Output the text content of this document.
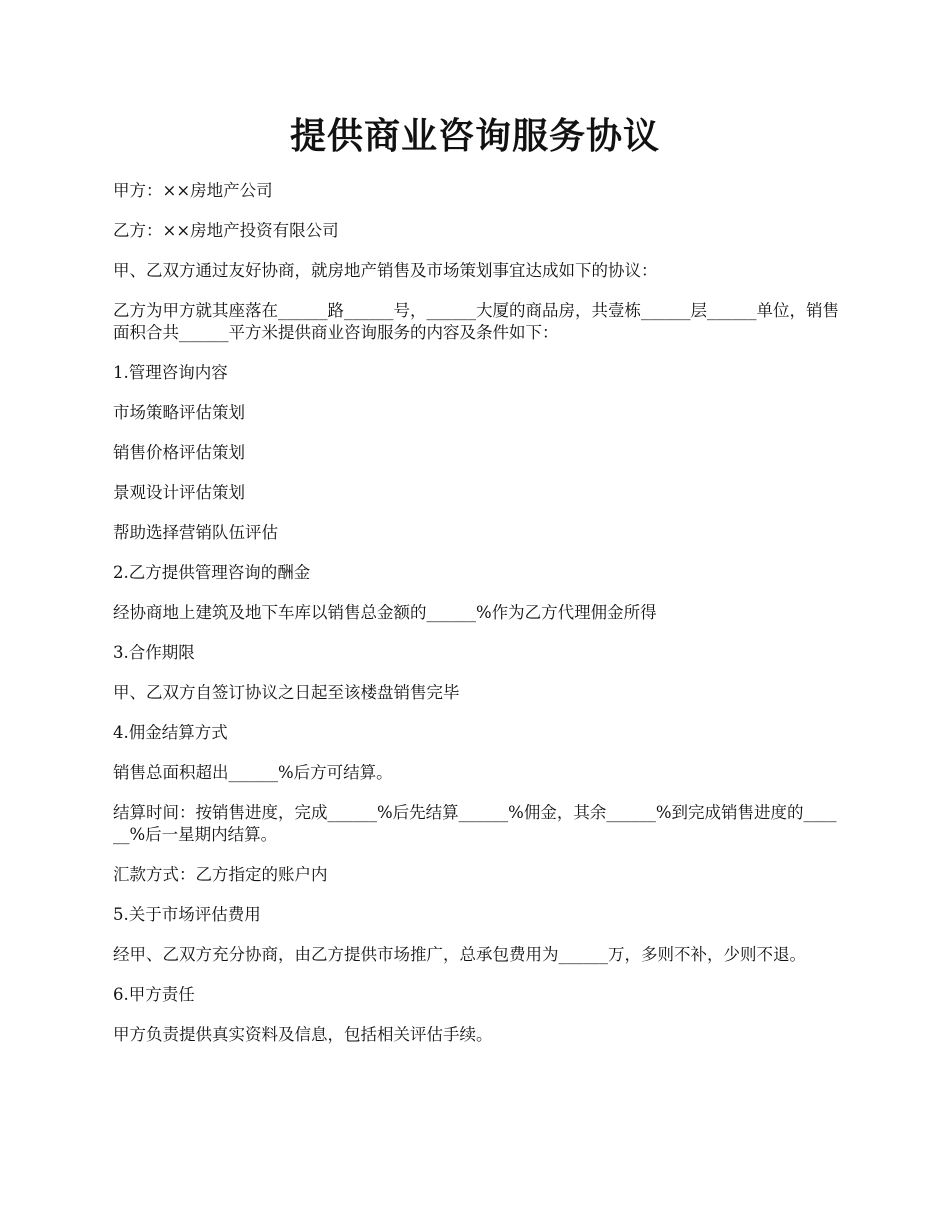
提供商业咨询服务协议

甲方：××房地产公司

乙方：××房地产投资有限公司

甲、乙双方通过友好协商，就房地产销售及市场策划事宜达成如下的协议：

乙方为甲方就其座落在______路______号，______大厦的商品房，共壹栋______层______单位，销售面积合共______平方米提供商业咨询服务的内容及条件如下：

1.管理咨询内容

市场策略评估策划

销售价格评估策划

景观设计评估策划

帮助选择营销队伍评估

2.乙方提供管理咨询的酬金

经协商地上建筑及地下车库以销售总金额的______%作为乙方代理佣金所得

3.合作期限

甲、乙双方自签订协议之日起至该楼盘销售完毕

4.佣金结算方式

销售总面积超出______%后方可结算。

结算时间：按销售进度，完成______%后先结算______%佣金，其余______%到完成销售进度的______%后一星期内结算。

汇款方式：乙方指定的账户内

5.关于市场评估费用

经甲、乙双方充分协商，由乙方提供市场推广，总承包费用为______万，多则不补，少则不退。

6.甲方责任

甲方负责提供真实资料及信息，包括相关评估手续。
